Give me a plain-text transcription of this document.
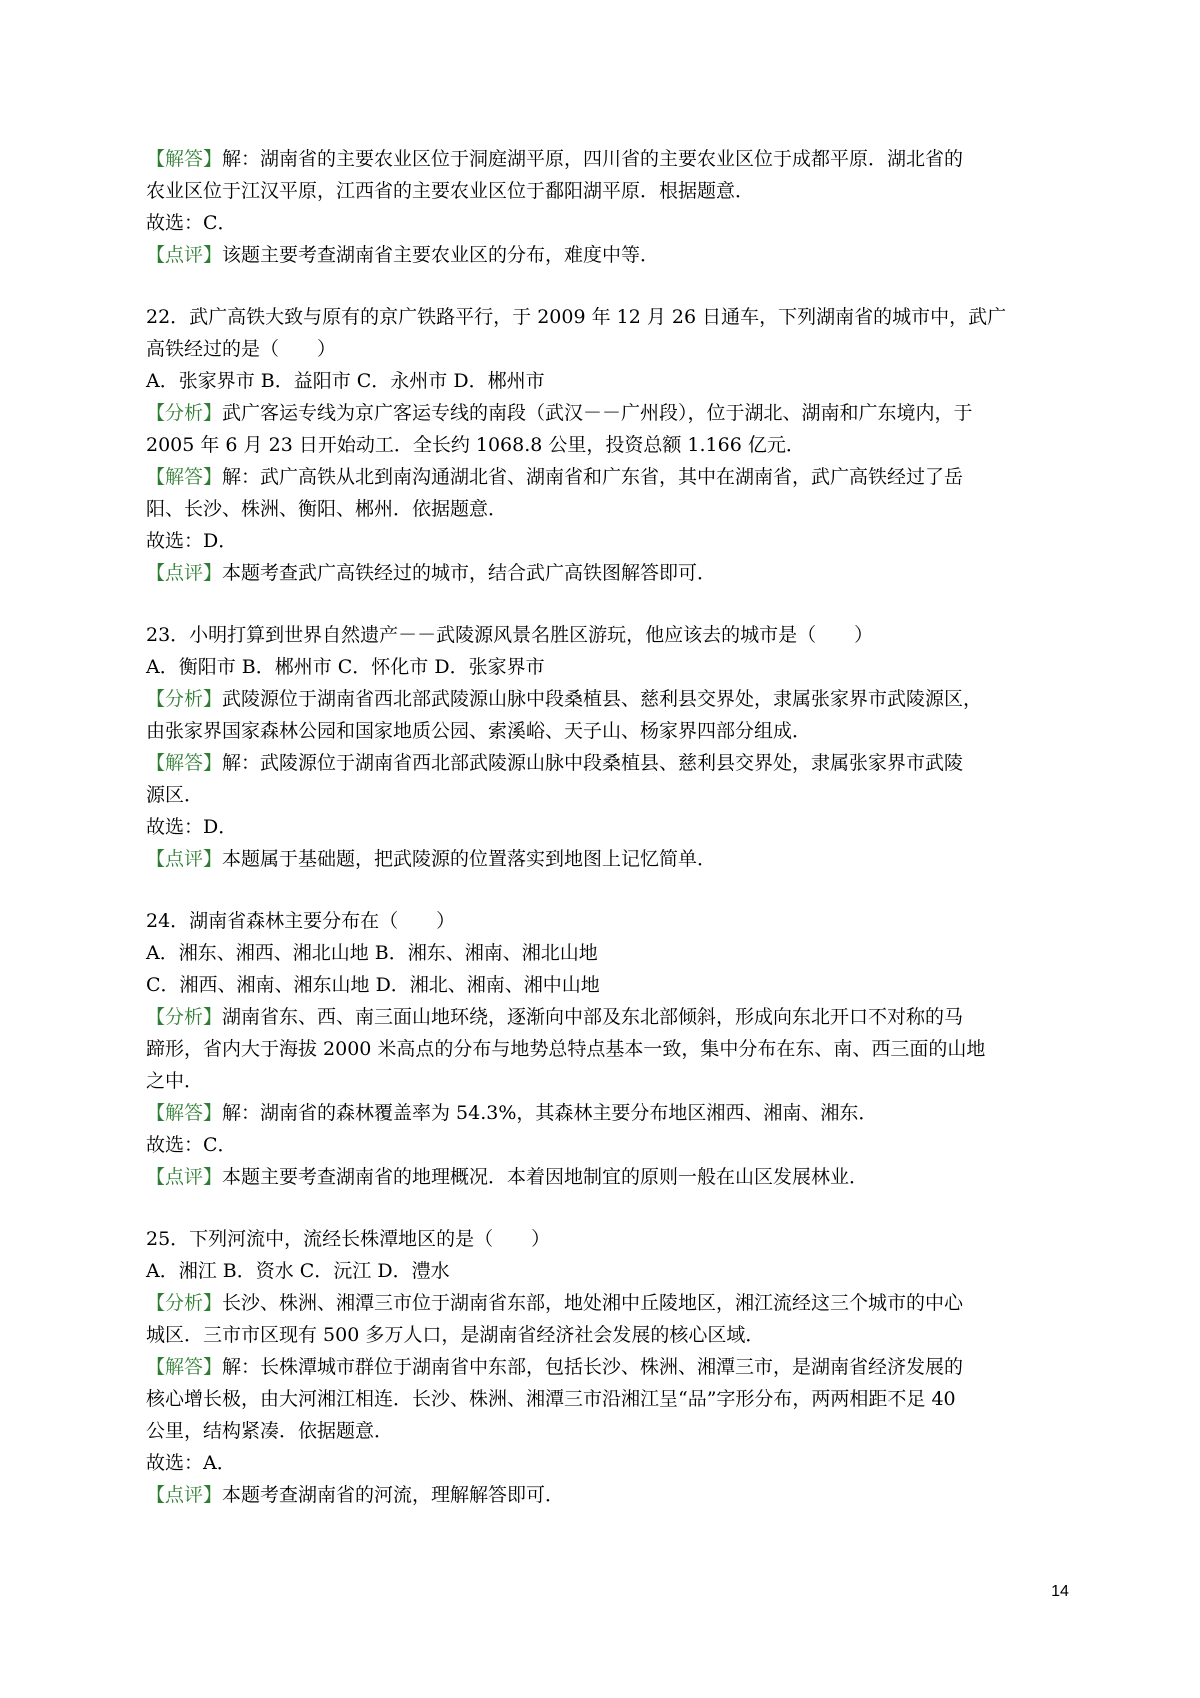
【解答】解：湖南省的主要农业区位于洞庭湖平原，四川省的主要农业区位于成都平原．湖北省的
农业区位于江汉平原，江西省的主要农业区位于鄱阳湖平原．根据题意．
故选：C．
【点评】该题主要考查湖南省主要农业区的分布，难度中等．
22．武广高铁大致与原有的京广铁路平行，于 2009 年 12 月 26 日通车，下列湖南省的城市中，武广
高铁经过的是（　　）
A．张家界市 B．益阳市 C．永州市 D．郴州市
【分析】武广客运专线为京广客运专线的南段（武汉－－广州段），位于湖北、湖南和广东境内，于
2005 年 6 月 23 日开始动工．全长约 1068.8 公里，投资总额 1.166 亿元．
【解答】解：武广高铁从北到南沟通湖北省、湖南省和广东省，其中在湖南省，武广高铁经过了岳
阳、长沙、株洲、衡阳、郴州．依据题意．
故选：D．
【点评】本题考查武广高铁经过的城市，结合武广高铁图解答即可．
23．小明打算到世界自然遗产－－武陵源风景名胜区游玩，他应该去的城市是（　　）
A．衡阳市 B．郴州市 C．怀化市 D．张家界市
【分析】武陵源位于湖南省西北部武陵源山脉中段桑植县、慈利县交界处，隶属张家界市武陵源区，
由张家界国家森林公园和国家地质公园、索溪峪、天子山、杨家界四部分组成．
【解答】解：武陵源位于湖南省西北部武陵源山脉中段桑植县、慈利县交界处，隶属张家界市武陵
源区．
故选：D．
【点评】本题属于基础题，把武陵源的位置落实到地图上记忆简单．
24．湖南省森林主要分布在（　　）
A．湘东、湘西、湘北山地 B．湘东、湘南、湘北山地
C．湘西、湘南、湘东山地 D．湘北、湘南、湘中山地
【分析】湖南省东、西、南三面山地环绕，逐渐向中部及东北部倾斜，形成向东北开口不对称的马
蹄形，省内大于海拔 2000 米高点的分布与地势总特点基本一致，集中分布在东、南、西三面的山地
之中．
【解答】解：湖南省的森林覆盖率为 54.3%，其森林主要分布地区湘西、湘南、湘东．
故选：C．
【点评】本题主要考查湖南省的地理概况．本着因地制宜的原则一般在山区发展林业．
25．下列河流中，流经长株潭地区的是（　　）
A．湘江 B．资水 C．沅江 D．澧水
【分析】长沙、株洲、湘潭三市位于湖南省东部，地处湘中丘陵地区，湘江流经这三个城市的中心
城区．三市市区现有 500 多万人口，是湖南省经济社会发展的核心区域．
【解答】解：长株潭城市群位于湖南省中东部，包括长沙、株洲、湘潭三市，是湖南省经济发展的
核心增长极，由大河湘江相连．长沙、株洲、湘潭三市沿湘江呈“品”字形分布，两两相距不足 40
公里，结构紧凑．依据题意．
故选：A．
【点评】本题考查湖南省的河流，理解解答即可．
14
